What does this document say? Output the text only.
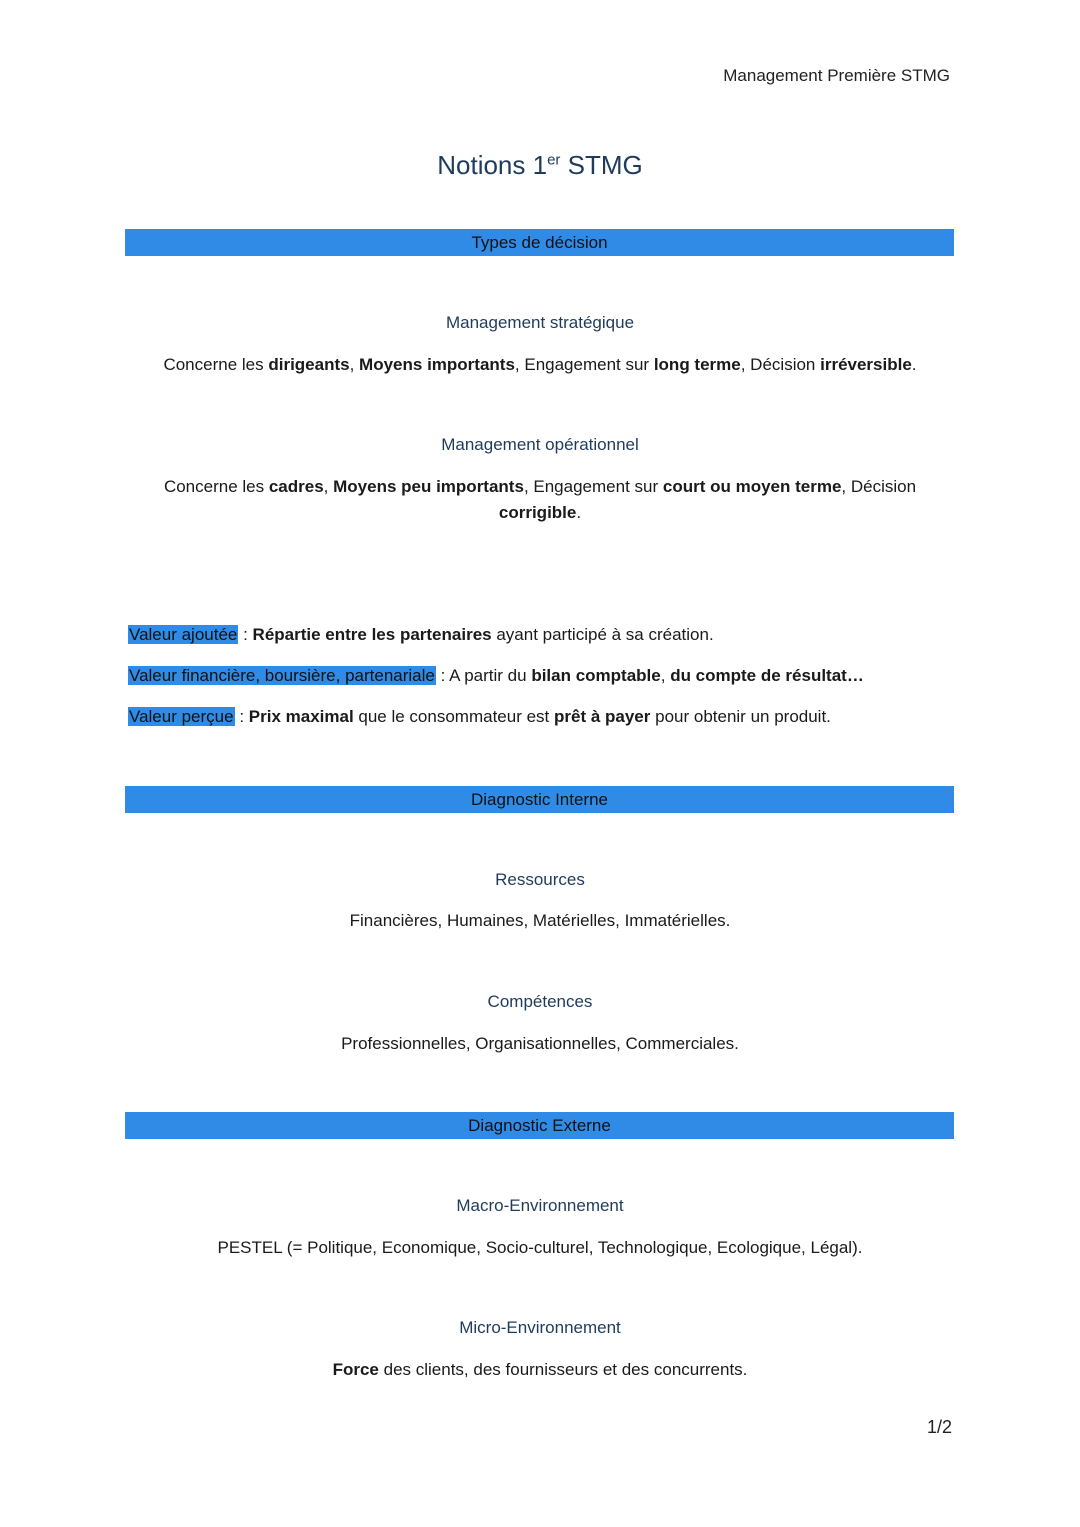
Management Première STMG
Notions 1er STMG
Types de décision
Management stratégique
Concerne les dirigeants, Moyens importants, Engagement sur long terme, Décision irréversible.
Management opérationnel
Concerne les cadres, Moyens peu importants, Engagement sur court ou moyen terme, Décision corrigible.
Valeur ajoutée : Répartie entre les partenaires ayant participé à sa création.
Valeur financière, boursière, partenariale : A partir du bilan comptable, du compte de résultat…
Valeur perçue : Prix maximal que le consommateur est prêt à payer pour obtenir un produit.
Diagnostic Interne
Ressources
Financières, Humaines, Matérielles, Immatérielles.
Compétences
Professionnelles, Organisationnelles, Commerciales.
Diagnostic Externe
Macro-Environnement
PESTEL (= Politique, Economique, Socio-culturel, Technologique, Ecologique, Légal).
Micro-Environnement
Force des clients, des fournisseurs et des concurrents.
1/2
